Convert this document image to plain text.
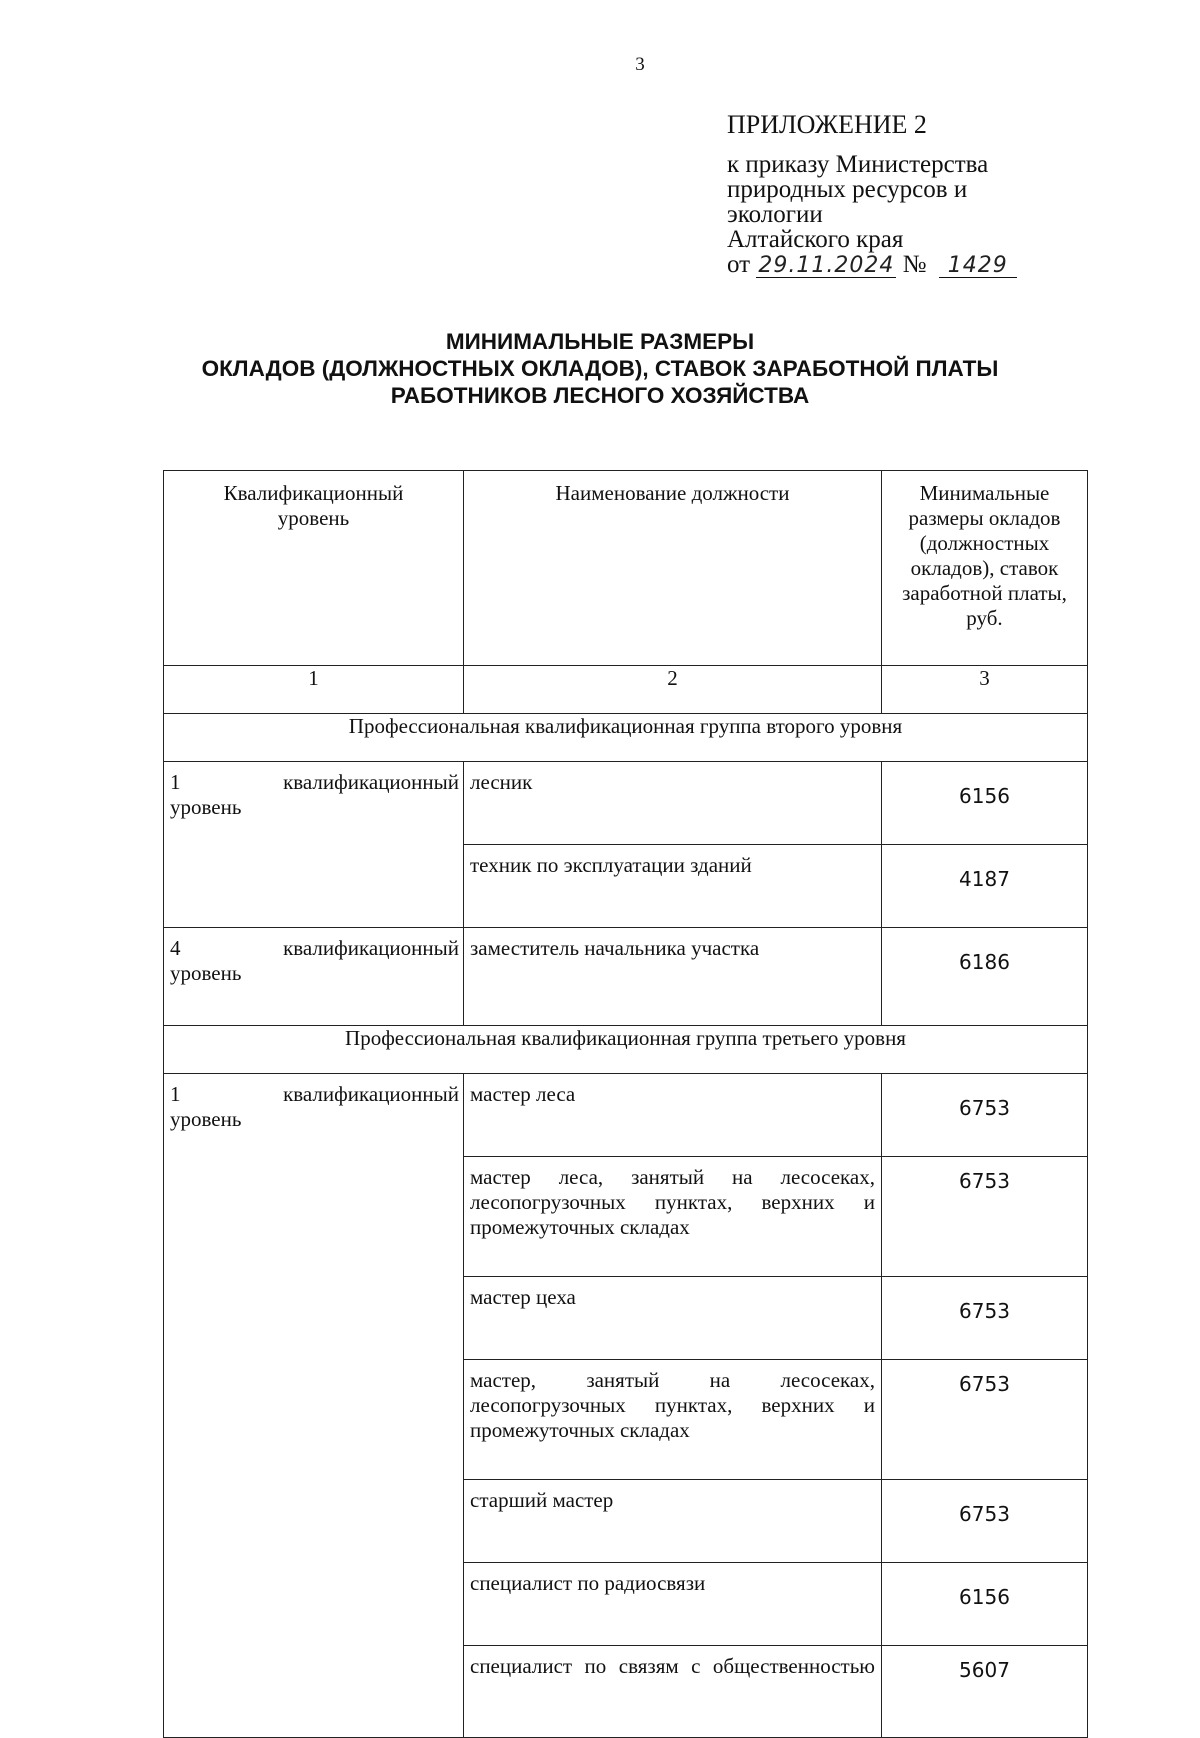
3
ПРИЛОЖЕНИЕ 2
к приказу Министерства
природных ресурсов и
экологии
Алтайского края
от 29.11.2024 № 1429
МИНИМАЛЬНЫЕ РАЗМЕРЫ
ОКЛАДОВ (ДОЛЖНОСТНЫХ ОКЛАДОВ), СТАВОК ЗАРАБОТНОЙ ПЛАТЫ
РАБОТНИКОВ ЛЕСНОГО ХОЗЯЙСТВА
Квалификационный уровень	Наименование должности	Минимальные размеры окладов (должностных окладов), ставок заработной платы, руб.

1	2	3
Профессиональная квалификационная группа второго уровня		

1 квалификационный
уровень	лесник	6156
	техник по эксплуатации зданий	4187

4 квалификационный
уровень	заместитель начальника участка	6186
Профессиональная квалификационная группа третьего уровня		

1 квалификационный
уровень	мастер леса	6753
	мастер леса, занятый на лесосеках, лесопогрузочных пунктах, верхних и промежуточных складах	6753
	мастер цеха	6753
	мастер, занятый на лесосеках, лесопогрузочных пунктах, верхних и промежуточных складах	6753
	старший мастер	6753
	специалист по радиосвязи	6156
	специалист по связям с общественностью	5607
